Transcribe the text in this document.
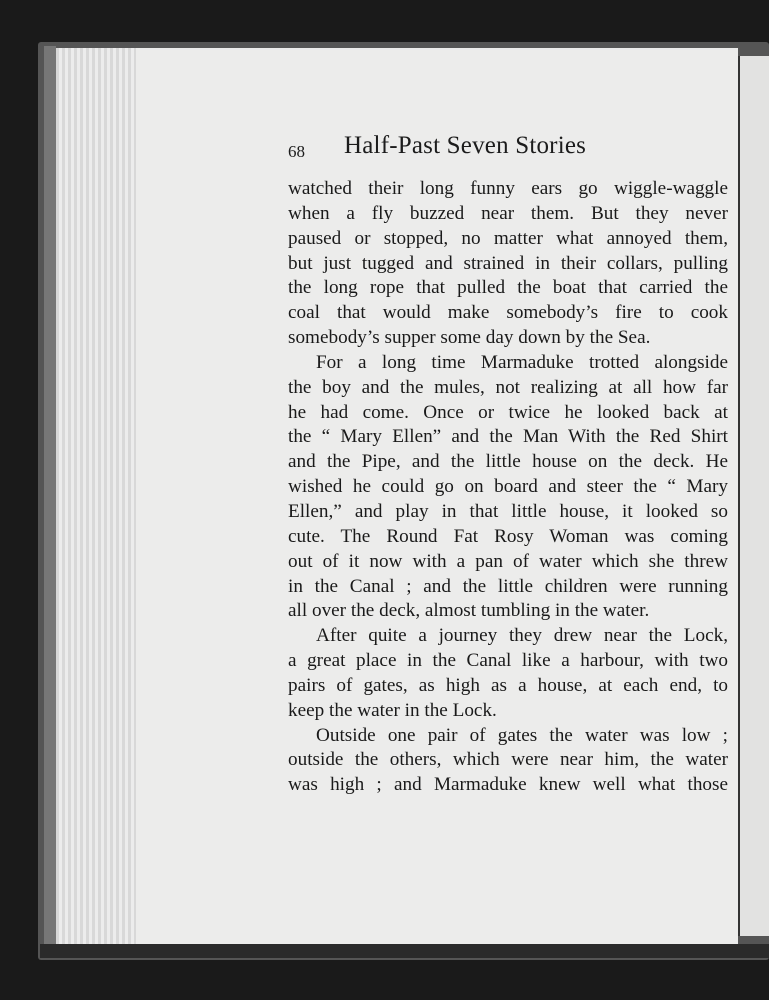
68 Half-Past Seven Stories
watched their long funny ears go wiggle-waggle
when a fly buzzed near them. But they never
paused or stopped, no matter what annoyed them,
but just tugged and strained in their collars, pulling
the long rope that pulled the boat that carried the
coal that would make somebody’s fire to cook
somebody’s supper some day down by the Sea.
For a long time Marmaduke trotted alongside
the boy and the mules, not realizing at all how far
he had come. Once or twice he looked back at
the “ Mary Ellen” and the Man With the Red Shirt
and the Pipe, and the little house on the deck. He
wished he could go on board and steer the “ Mary
Ellen,” and play in that little house, it looked so
cute. The Round Fat Rosy Woman was coming
out of it now with a pan of water which she threw
in the Canal ; and the little children were running
all over the deck, almost tumbling in the water.
After quite a journey they drew near the Lock,
a great place in the Canal like a harbour, with two
pairs of gates, as high as a house, at each end, to
keep the water in the Lock.
Outside one pair of gates the water was low ;
outside the others, which were near him, the water
was high ; and Marmaduke knew well what those
